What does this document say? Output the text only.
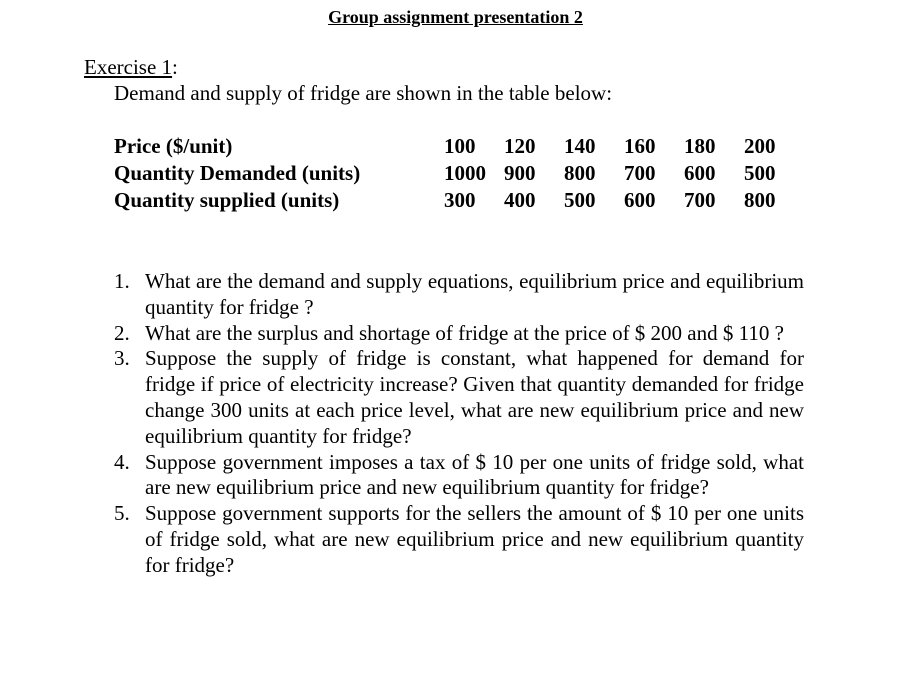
Group assignment presentation 2
Exercise 1:
Demand and supply of fridge are shown in the table below:
Price ($/unit)	100	120	140	160	180	200
Quantity Demanded (units)	1000	900	800	700	600	500
Quantity supplied (units)	300	400	500	600	700	800
1. What are the demand and supply equations, equilibrium price and equilibrium quantity for fridge ?
2. What are the surplus and shortage of fridge at the price of $ 200 and $ 110 ?
3. Suppose the supply of fridge is constant, what happened for demand for fridge if price of electricity increase? Given that quantity demanded for fridge change 300 units at each price level, what are new equilibrium price and new equilibrium quantity for fridge?
4. Suppose government imposes a tax of $ 10 per one units of fridge sold, what are new equilibrium price and new equilibrium quantity for fridge?
5. Suppose government supports for the sellers the amount of $ 10 per one units of fridge sold, what are new equilibrium price and new equilibrium quantity for fridge?
